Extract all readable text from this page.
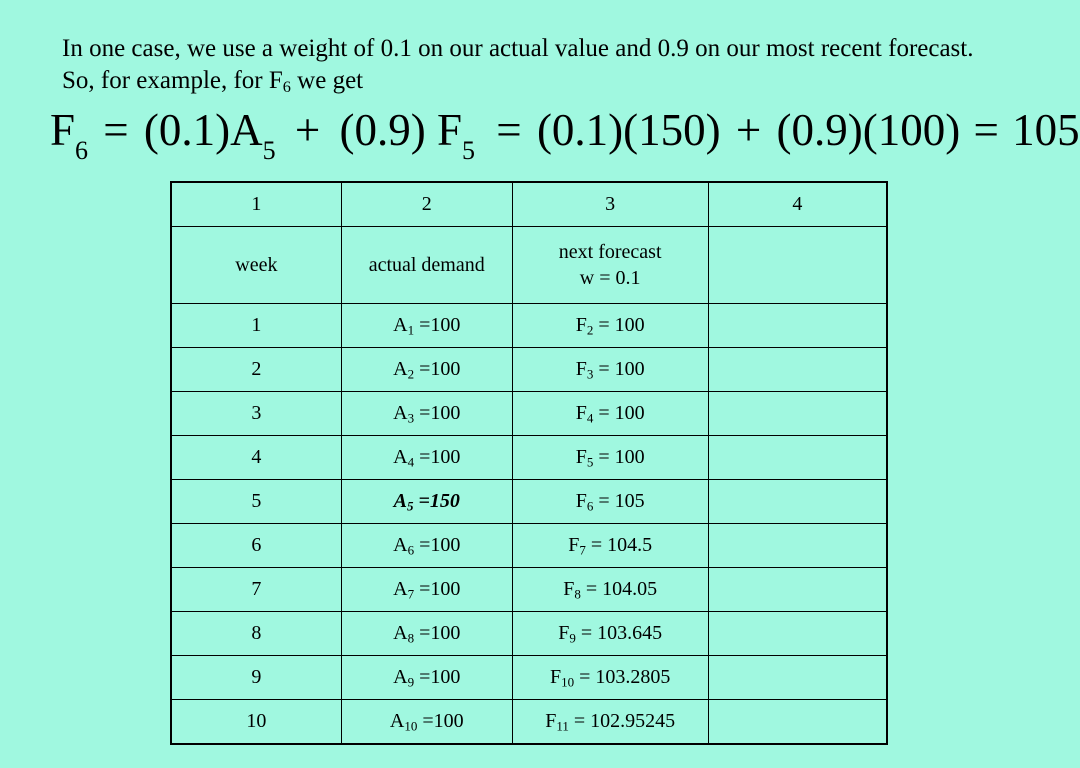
In one case, we use a weight of 0.1 on our actual value and 0.9 on our most recent forecast. So, for example, for $F_6$ we get
F6 = (0.1)A5 + (0.9) F5 = (0.1)(150) + (0.9)(100) = 105
1	2	3	4
week	actual demand	next forecast
w = 0.1	

1	$A_1 =100$	$F_2 = 100$	
2	$A_2 =100$	$F_3 = 100$	
3	$A_3 =100$	$F_4 = 100$	
4	$A_4 =100$	$F_5 = 100$	
5	$A_5 =150$	$F_6 = 105$	
6	$A_6 =100$	$F_7 = 104.5$	
7	$A_7 =100$	$F_8 = 104.05$	
8	$A_8 =100$	$F_9 = 103.645$	
9	$A_9 =100$	$F_{10} = 103.2805$	
10	$A_{10} =100$	$F_{11} = 102.95245$	
